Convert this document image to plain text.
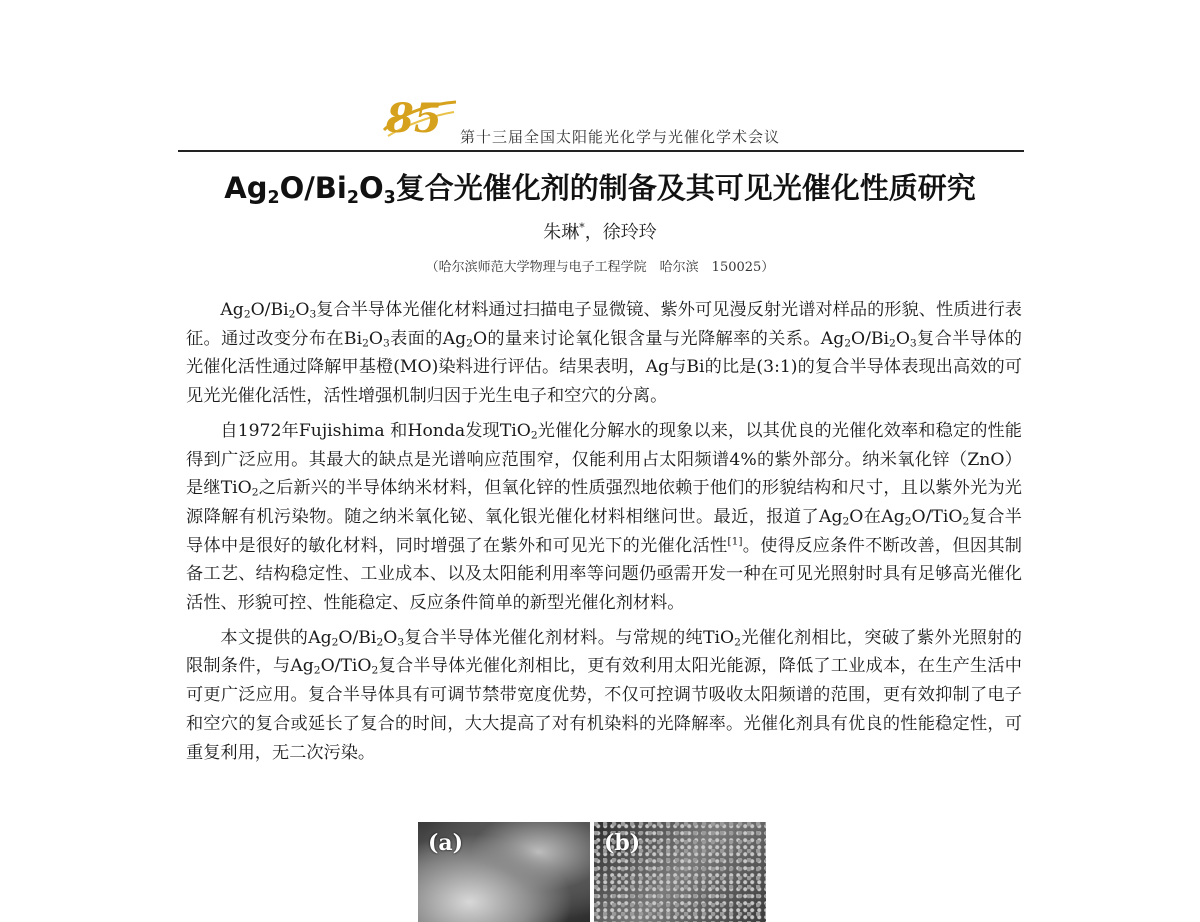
85 第十三届全国太阳能光化学与光催化学术会议
$Ag_2O/Bi_2O_3$复合光催化剂的制备及其可见光催化性质研究
朱琳*，徐玲玲
（哈尔滨师范大学物理与电子工程学院　哈尔滨　150025）

$Ag_2O/Bi_2O_3$复合半导体光催化材料通过扫描电子显微镜、紫外可见漫反射光谱对样品的形貌、性质进行表征。通过改变分布在$Bi_2O_3$表面的$Ag_2O$的量来讨论氧化银含量与光降解率的关系。$Ag_2O/Bi_2O_3$复合半导体的光催化活性通过降解甲基橙(MO)染料进行评估。结果表明，Ag与Bi的比是(3:1)的复合半导体表现出高效的可见光光催化活性，活性增强机制归因于光生电子和空穴的分离。

自1972年Fujishima 和Honda发现TiO$_2$光催化分解水的现象以来，以其优良的光催化效率和稳定的性能得到广泛应用。其最大的缺点是光谱响应范围窄，仅能利用占太阳频谱4%的紫外部分。纳米氧化锌（ZnO）是继TiO$_2$之后新兴的半导体纳米材料，但氧化锌的性质强烈地依赖于他们的形貌结构和尺寸，且以紫外光为光源降解有机污染物。随之纳米氧化铋、氧化银光催化材料相继问世。最近，报道了$Ag_2O$在$Ag_2O/TiO_2$复合半导体中是很好的敏化材料，同时增强了在紫外和可见光下的光催化活性[1]。使得反应条件不断改善，但因其制备工艺、结构稳定性、工业成本、以及太阳能利用率等问题仍亟需开发一种在可见光照射时具有足够高光催化活性、形貌可控、性能稳定、反应条件简单的新型光催化剂材料。

本文提供的$Ag_2O/Bi_2O_3$复合半导体光催化剂材料。与常规的纯TiO$_2$光催化剂相比，突破了紫外光照射的限制条件，与$Ag_2O/TiO_2$复合半导体光催化剂相比，更有效利用太阳光能源，降低了工业成本，在生产生活中可更广泛应用。复合半导体具有可调节禁带宽度优势，不仅可控调节吸收太阳频谱的范围，更有效抑制了电子和空穴的复合或延长了复合的时间，大大提高了对有机染料的光降解率。光催化剂具有优良的性能稳定性，可重复利用，无二次污染。

(a)	(b)
